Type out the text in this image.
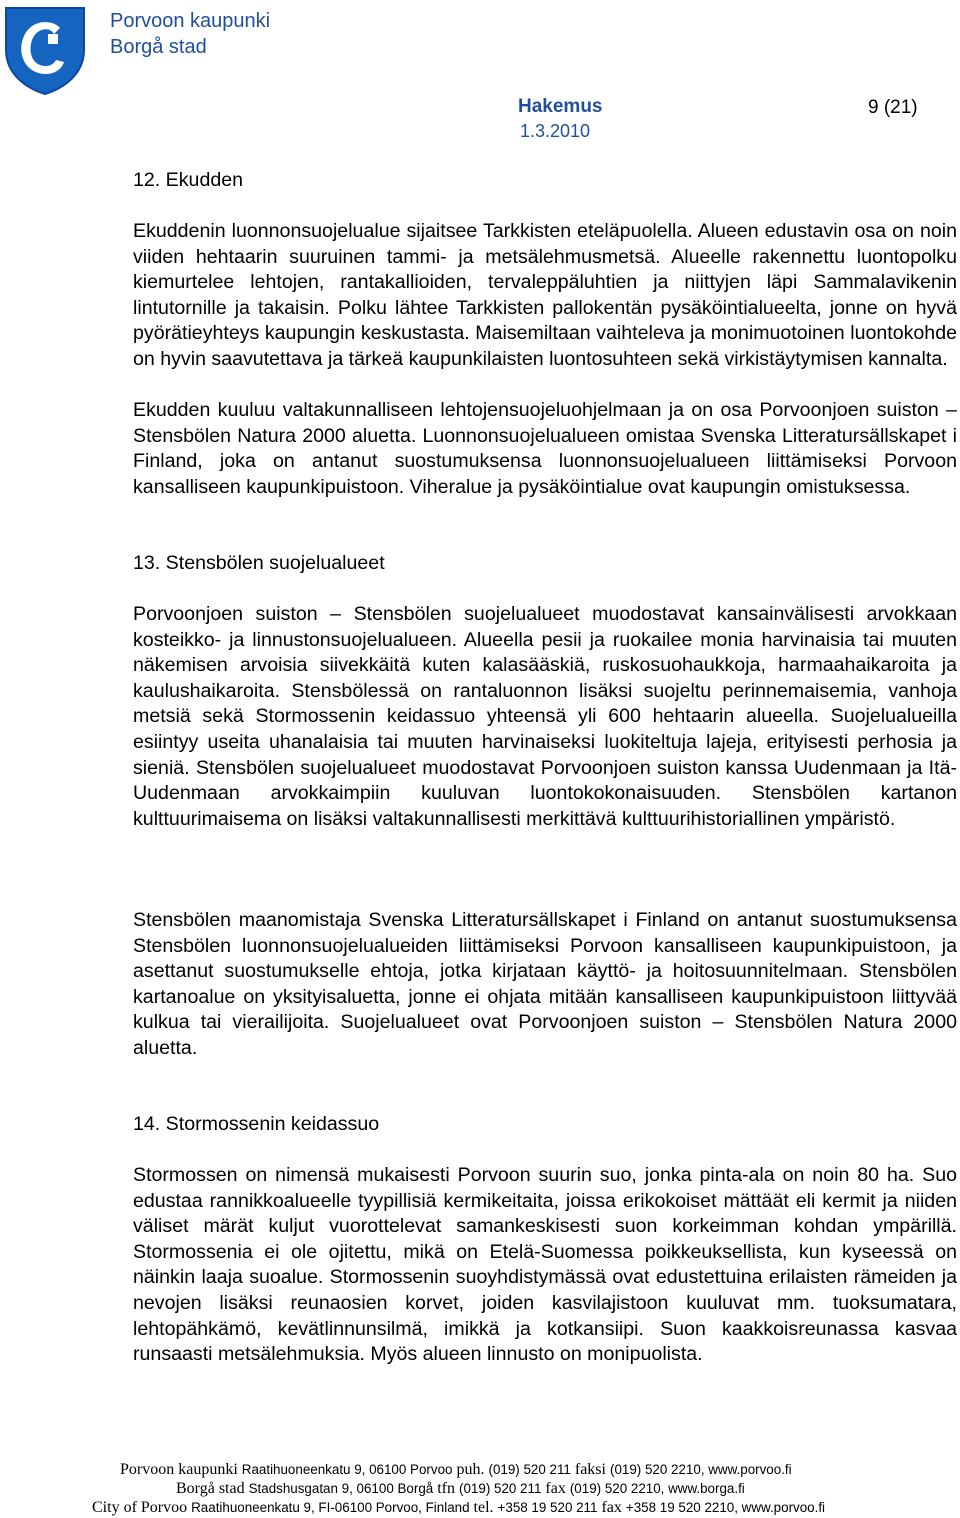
Porvoon kaupunki
Borgå stad
Hakemus
1.3.2010
9 (21)
12. Ekudden

Ekuddenin luonnonsuojelualue sijaitsee Tarkkisten eteläpuolella. Alueen edustavin osa on noin viiden hehtaarin suuruinen tammi- ja metsälehmusmetsä. Alueelle rakennettu luontopolku kiemurtelee lehtojen, rantakallioiden, tervaleppäluhtien ja niittyjen läpi Sammalavikenin lintutornille ja takaisin. Polku lähtee Tarkkisten pallokentän pysäköintialueelta, jonne on hyvä pyörätieyhteys kaupungin keskustasta. Maisemiltaan vaihteleva ja monimuotoinen luontokohde on hyvin saavutettava ja tärkeä kaupunkilaisten luontosuhteen sekä virkistäytymisen kannalta.

Ekudden kuuluu valtakunnalliseen lehtojensuojeluohjelmaan ja on osa Porvoonjoen suiston – Stensbölen Natura 2000 aluetta. Luonnonsuojelualueen omistaa Svenska Litteratursällskapet i Finland, joka on antanut suostumuksensa luonnonsuojelualueen liittämiseksi Porvoon kansalliseen kaupunkipuistoon. Viheralue ja pysäköintialue ovat kaupungin omistuksessa.

13. Stensbölen suojelualueet

Porvoonjoen suiston – Stensbölen suojelualueet muodostavat kansainvälisesti arvokkaan kosteikko- ja linnustonsuojelualueen. Alueella pesii ja ruokailee monia harvinaisia tai muuten näkemisen arvoisia siivekkäitä kuten kalasääskiä, ruskosuohaukkoja, harmaahaikaroita ja kaulushaikaroita. Stensbölessä on rantaluonnon lisäksi suojeltu perinnemaisemia, vanhoja metsiä sekä Stormossenin keidassuo yhteensä yli 600 hehtaarin alueella. Suojelualueilla esiintyy useita uhanalaisia tai muuten harvinaiseksi luokiteltuja lajeja, erityisesti perhosia ja sieniä. Stensbölen suojelualueet muodostavat Porvoonjoen suiston kanssa Uudenmaan ja Itä-Uudenmaan arvokkaimpiin kuuluvan luontokokonaisuuden. Stensbölen kartanon kulttuurimaisema on lisäksi valtakunnallisesti merkittävä kulttuurihistoriallinen ympäristö.

Stensbölen maanomistaja Svenska Litteratursällskapet i Finland on antanut suostumuksensa Stensbölen luonnonsuojelualueiden liittämiseksi Porvoon kansalliseen kaupunkipuistoon, ja asettanut suostumukselle ehtoja, jotka kirjataan käyttö- ja hoitosuunnitelmaan. Stensbölen kartanoalue on yksityisaluetta, jonne ei ohjata mitään kansalliseen kaupunkipuistoon liittyvää kulkua tai vierailijoita. Suojelualueet ovat Porvoonjoen suiston – Stensbölen Natura 2000 aluetta.

14. Stormossenin keidassuo

Stormossen on nimensä mukaisesti Porvoon suurin suo, jonka pinta-ala on noin 80 ha. Suo edustaa rannikkoalueelle tyypillisiä kermikeitaita, joissa erikokoiset mättäät eli kermit ja niiden väliset märät kuljut vuorottelevat samankeskisesti suon korkeimman kohdan ympärillä. Stormossenia ei ole ojitettu, mikä on Etelä-Suomessa poikkeuksellista, kun kyseessä on näinkin laaja suoalue. Stormossenin suoyhdistymässä ovat edustettuina erilaisten rämeiden ja nevojen lisäksi reunaosien korvet, joiden kasvilajistoon kuuluvat mm. tuoksumatara, lehtopähkämö, kevätlinnunsilmä, imikkä ja kotkansiipi. Suon kaakkoisreunassa kasvaa runsaasti metsälehmuksia. Myös alueen linnusto on monipuolista.

Porvoon kaupunki Raatihuoneenkatu 9, 06100 Porvoo puh. (019) 520 211 faksi (019) 520 2210, www.porvoo.fi
Borgå stad Stadshusgatan 9, 06100 Borgå tfn (019) 520 211 fax (019) 520 2210, www.borga.fi
City of Porvoo Raatihuoneenkatu 9, FI-06100 Porvoo, Finland tel. +358 19 520 211 fax +358 19 520 2210, www.porvoo.fi
